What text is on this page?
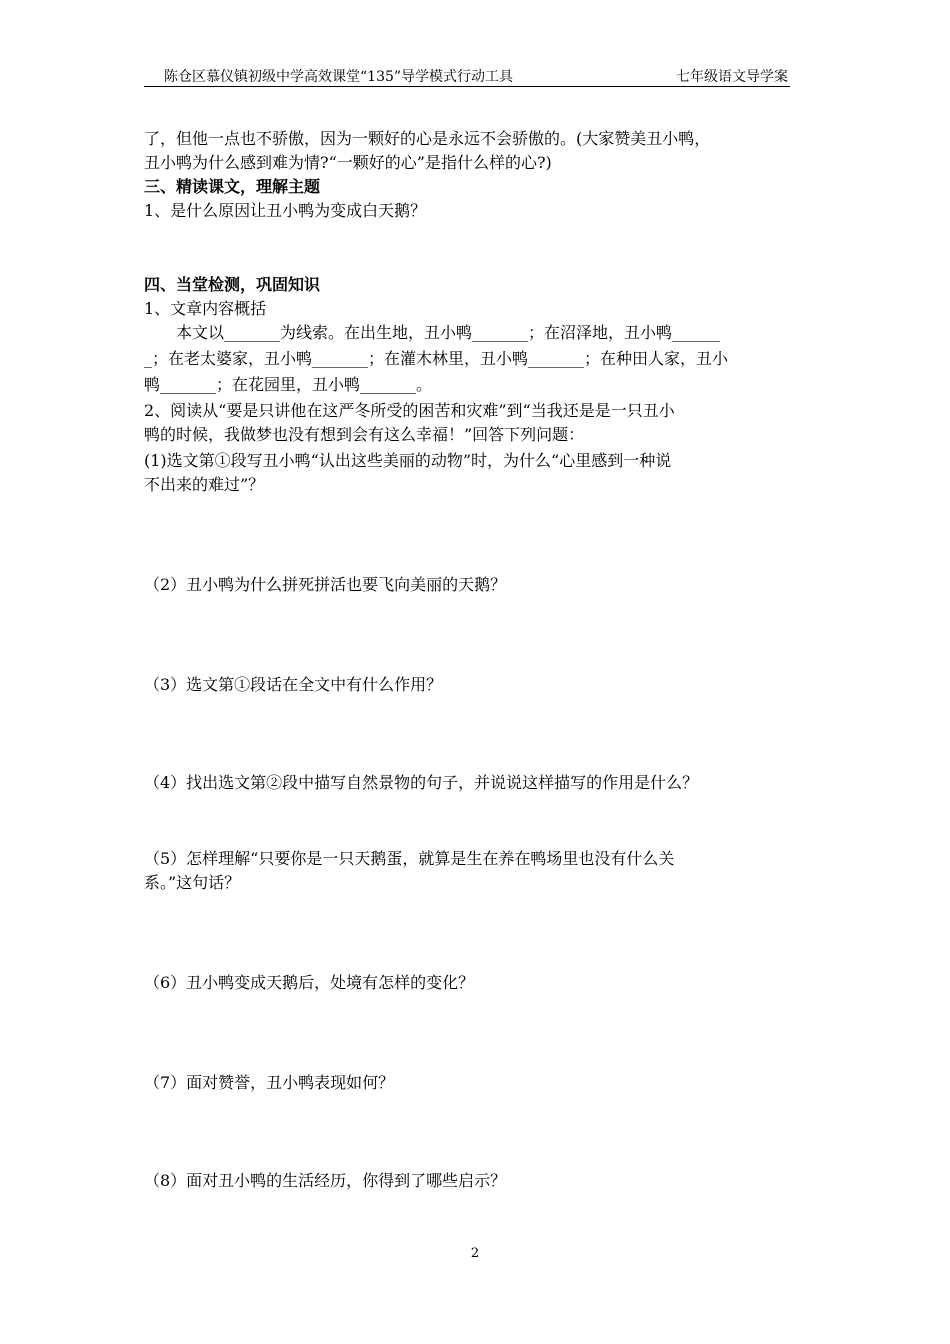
陈仓区慕仪镇初级中学高效课堂“135”导学模式行动工具	七年级语文导学案
了，但他一点也不骄傲，因为一颗好的心是永远不会骄傲的。(大家赞美丑小鸭，
丑小鸭为什么感到难为情?“一颗好的心”是指什么样的心?)
三、精读课文，理解主题
1、是什么原因让丑小鸭为变成白天鹅？
四、当堂检测，巩固知识
1、文章内容概括
　　本文以_______为线索。在出生地，丑小鸭_______；在沼泽地，丑小鸭______
_；在老太婆家，丑小鸭_______；在灌木林里，丑小鸭_______；在种田人家，丑小
鸭_______；在花园里，丑小鸭_______。
2、阅读从“要是只讲他在这严冬所受的困苦和灾难”到“当我还是是一只丑小
鸭的时候，我做梦也没有想到会有这么幸福！”回答下列问题：
(1)选文第①段写丑小鸭“认出这些美丽的动物”时，为什么“心里感到一种说
不出来的难过”？
（2）丑小鸭为什么拼死拼活也要飞向美丽的天鹅？
（3）选文第①段话在全文中有什么作用？
（4）找出选文第②段中描写自然景物的句子，并说说这样描写的作用是什么？
（5）怎样理解“只要你是一只天鹅蛋，就算是生在养在鸭场里也没有什么关
系。”这句话？
（6）丑小鸭变成天鹅后，处境有怎样的变化？
（7）面对赞誉，丑小鸭表现如何？
（8）面对丑小鸭的生活经历，你得到了哪些启示？
2
